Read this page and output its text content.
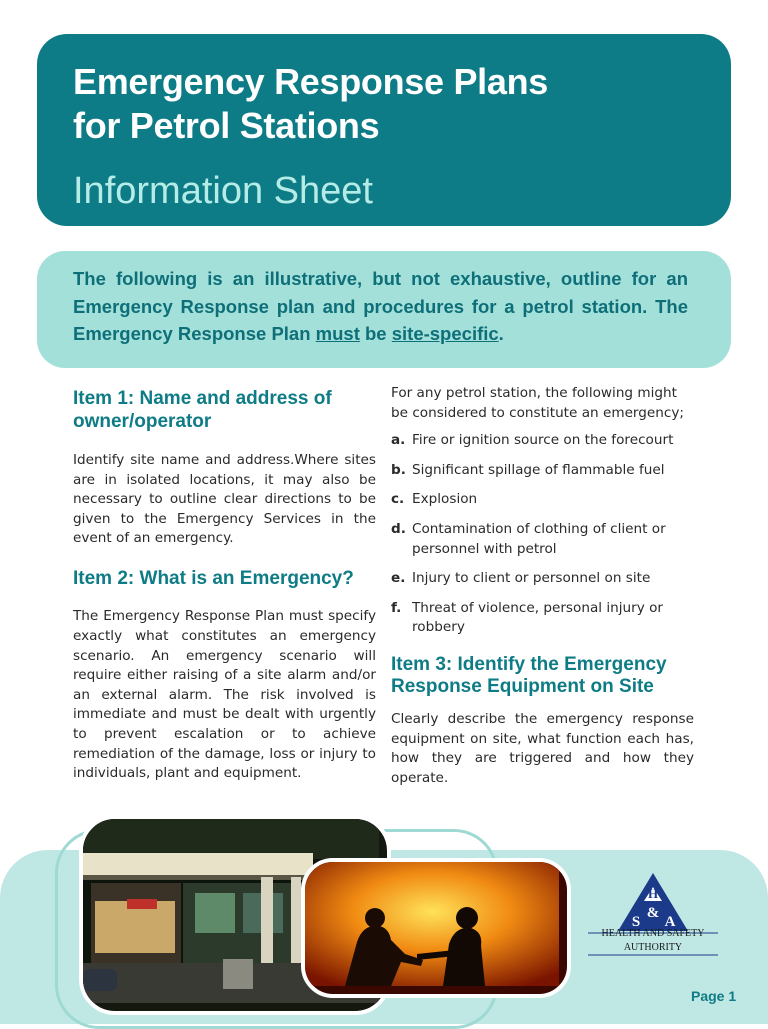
Emergency Response Plans
for Petrol Stations
Information Sheet

The following is an illustrative, but not exhaustive, outline for an Emergency Response plan and procedures for a petrol station. The Emergency Response Plan must be site-specific.

Item 1: Name and address of owner/operator

Identify site name and address.Where sites are in isolated locations, it may also be necessary to outline clear directions to be given to the Emergency Services in the event of an emergency.

Item 2: What is an Emergency?

The Emergency Response Plan must specify exactly what constitutes an emergency scenario. An emergency scenario will require either raising of a site alarm and/or an external alarm. The risk involved is immediate and must be dealt with urgently to prevent escalation or to achieve remediation of the damage, loss or injury to individuals, plant and equipment.

For any petrol station, the following might be considered to constitute an emergency;

a. Fire or ignition source on the forecourt
b. Significant spillage of flammable fuel
c. Explosion
d. Contamination of clothing of client or personnel with petrol
e. Injury to client or personnel on site
f. Threat of violence, personal injury or robbery
Item 3: Identify the Emergency Response Equipment on Site

Clearly describe the emergency response equipment on site, what function each has, how they are triggered and how they operate.

H
S
&
A
HEALTH AND SAFETY
AUTHORITY
Page 1
